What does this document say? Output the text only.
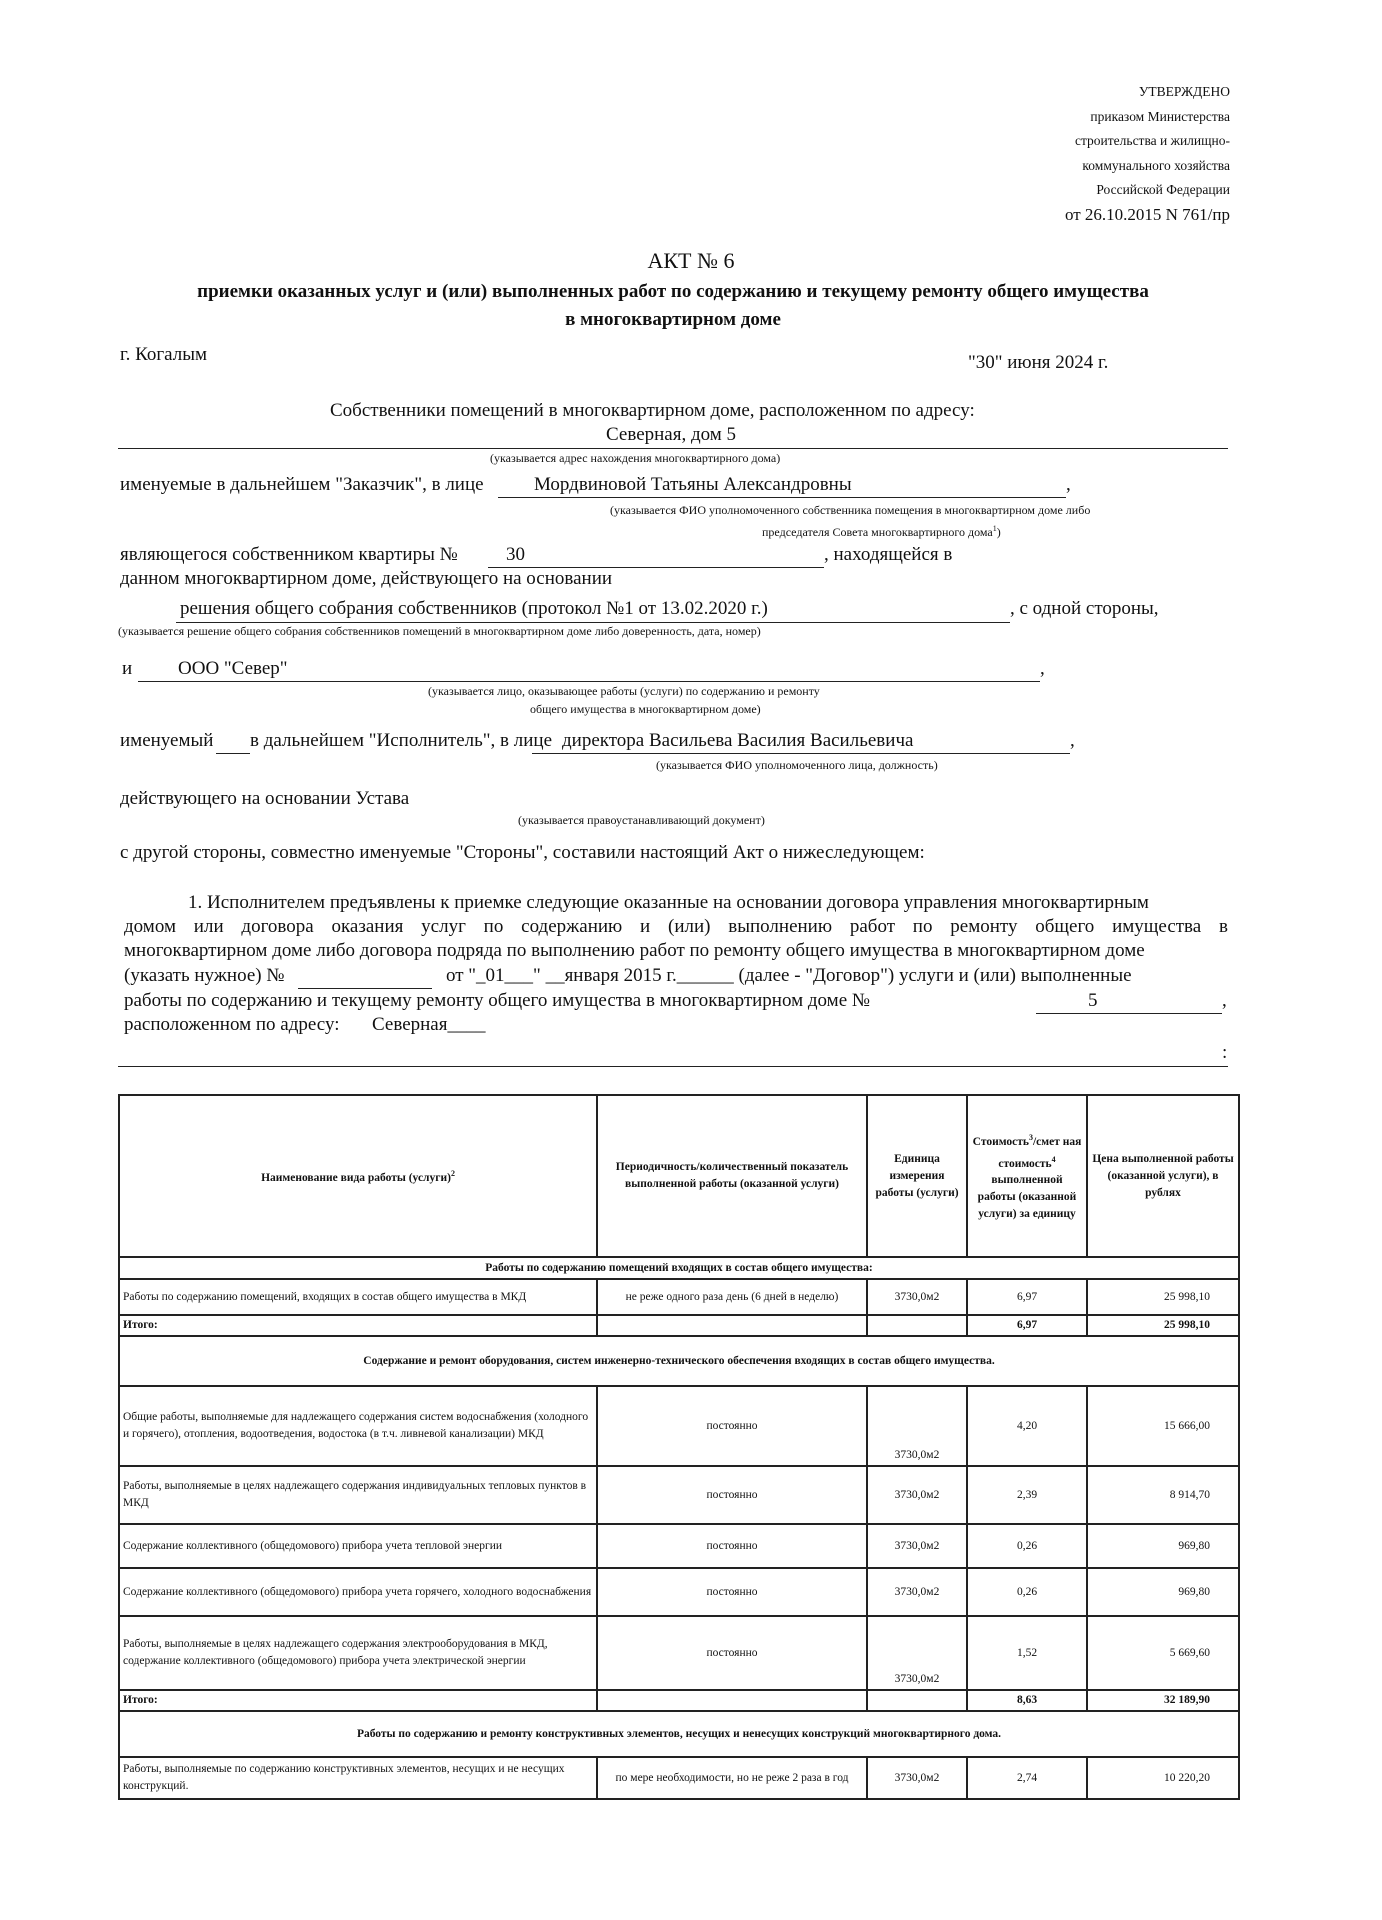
УТВЕРЖДЕНО
приказом Министерства
строительства и жилищно-
коммунального хозяйства
Российской Федерации
от 26.10.2015 N 761/пр
АКТ № 6
приемки оказанных услуг и (или) выполненных работ по содержанию и текущему ремонту общего имущества
в многоквартирном доме
г. Когалым	"30" июня 2024 г.
Собственники помещений в многоквартирном доме, расположенном по адресу:
Северная, дом 5
(указывается адрес нахождения многоквартирного дома)
именуемые в дальнейшем "Заказчик", в лице	Мордвиновой Татьяны Александровны	,
(указывается ФИО уполномоченного собственника помещения в многоквартирном доме либо
председателя Совета многоквартирного дома$^1$)
являющегося собственником квартиры №	30	, находящейся в
данном многоквартирном доме, действующего на основании
решения общего собрания собственников (протокол №1 от 13.02.2020 г.)	, с одной стороны,
(указывается решение общего собрания собственников помещений в многоквартирном доме либо доверенность, дата, номер)
и ООО "Север"	,
(указывается лицо, оказывающее работы (услуги) по содержанию и ремонту
общего имущества в многоквартирном доме)
именуемый в дальнейшем "Исполнитель", в лице директора Васильева Василия Васильевича	,
(указывается ФИО уполномоченного лица, должность)
действующего на основании Устава
(указывается правоустанавливающий документ)
с другой стороны, совместно именуемые "Стороны", составили настоящий Акт о нижеследующем:
1. Исполнителем предъявлены к приемке следующие оказанные на основании договора управления многоквартирным
домом или договора оказания услуг по содержанию и (или) выполнению работ по ремонту общего имущества в
многоквартирном доме либо договора подряда по выполнению работ по ремонту общего имущества в многоквартирном доме
(указать нужное) №	от "_01___" __января 2015 г.______ (далее - "Договор") услуги и (или) выполненные
работы по содержанию и текущему ремонту общего имущества в многоквартирном доме №	5	,
расположенном по адресу: Северная____
:
Наименование вида работы (услуги)$^2$	Периодичность/количественный показатель выполненной работы (оказанной услуги)	Единица измерения работы (услуги)	Стоимость$^3$/смет ная стоимость$^4$ выполненной работы (оказанной услуги) за единицу	Цена выполненной работы (оказанной услуги), в рублях
Работы по содержанию помещений входящих в состав общего имущества:				
Работы по содержанию помещений, входящих в состав общего имущества в МКД	не реже одного раза день (6 дней в неделю)	3730,0м2	6,97	25 998,10
Итого:			6,97	25 998,10
Содержание и ремонт оборудования, систем инженерно-технического обеспечения входящих в состав общего имущества.				
Общие работы, выполняемые для надлежащего содержания систем водоснабжения (холодного и горячего), отопления, водоотведения, водостока (в т.ч. ливневой канализации) МКД	постоянно	3730,0м2	4,20	15 666,00
Работы, выполняемые в целях надлежащего содержания индивидуальных тепловых пунктов в МКД	постоянно	3730,0м2	2,39	8 914,70
Содержание коллективного (общедомового) прибора учета тепловой энергии	постоянно	3730,0м2	0,26	969,80
Содержание коллективного (общедомового) прибора учета горячего, холодного водоснабжения	постоянно	3730,0м2	0,26	969,80
Работы, выполняемые в целях надлежащего содержания электрооборудования в МКД, содержание коллективного (общедомового) прибора учета электрической энергии	постоянно	3730,0м2	1,52	5 669,60
Итого:			8,63	32 189,90
Работы по содержанию и ремонту конструктивных элементов, несущих и ненесущих конструкций многоквартирного дома.				
Работы, выполняемые по содержанию конструктивных элементов, несущих и не несущих конструкций.	по мере необходимости, но не реже 2 раза в год	3730,0м2	2,74	10 220,20
